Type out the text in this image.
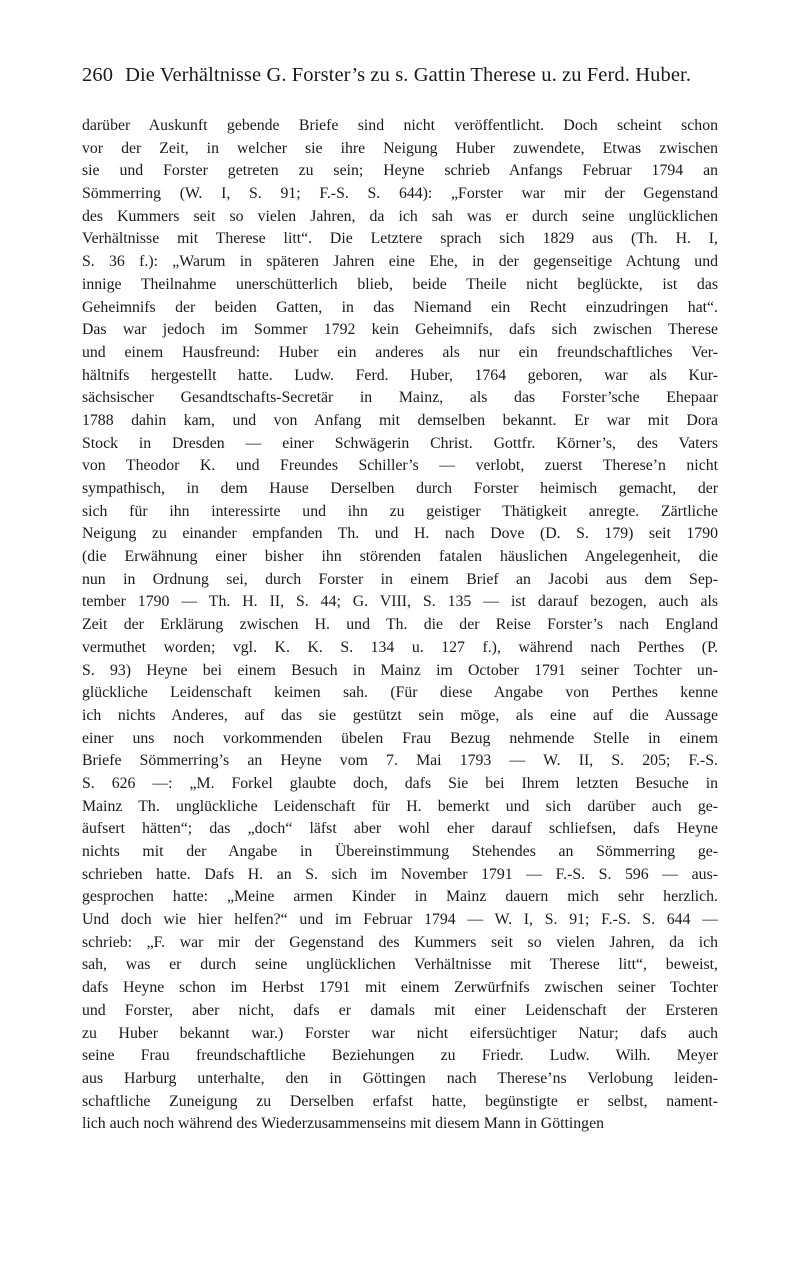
260 Die Verhältnisse G. Forster’s zu s. Gattin Therese u. zu Ferd. Huber.
darüber Auskunft gebende Briefe sind nicht veröffentlicht. Doch scheint schon
vor der Zeit, in welcher sie ihre Neigung Huber zuwendete, Etwas zwischen
sie und Forster getreten zu sein; Heyne schrieb Anfangs Februar 1794 an
Sömmerring (W. I, S. 91; F.-S. S. 644): „Forster war mir der Gegenstand
des Kummers seit so vielen Jahren, da ich sah was er durch seine unglücklichen
Verhältnisse mit Therese litt“. Die Letztere sprach sich 1829 aus (Th. H. I,
S. 36 f.): „Warum in späteren Jahren eine Ehe, in der gegenseitige Achtung und
innige Theilnahme unerschütterlich blieb, beide Theile nicht beglückte, ist das
Geheimnifs der beiden Gatten, in das Niemand ein Recht einzudringen hat“.
Das war jedoch im Sommer 1792 kein Geheimnifs, dafs sich zwischen Therese
und einem Hausfreund: Huber ein anderes als nur ein freundschaftliches Ver-
hältnifs hergestellt hatte. Ludw. Ferd. Huber, 1764 geboren, war als Kur-
sächsischer Gesandtschafts-Secretär in Mainz, als das Forster’sche Ehepaar
1788 dahin kam, und von Anfang mit demselben bekannt. Er war mit Dora
Stock in Dresden — einer Schwägerin Christ. Gottfr. Körner’s, des Vaters
von Theodor K. und Freundes Schiller’s — verlobt, zuerst Therese’n nicht
sympathisch, in dem Hause Derselben durch Forster heimisch gemacht, der
sich für ihn interessirte und ihn zu geistiger Thätigkeit anregte. Zärtliche
Neigung zu einander empfanden Th. und H. nach Dove (D. S. 179) seit 1790
(die Erwähnung einer bisher ihn störenden fatalen häuslichen Angelegenheit, die
nun in Ordnung sei, durch Forster in einem Brief an Jacobi aus dem Sep-
tember 1790 — Th. H. II, S. 44; G. VIII, S. 135 — ist darauf bezogen, auch als
Zeit der Erklärung zwischen H. und Th. die der Reise Forster’s nach England
vermuthet worden; vgl. K. K. S. 134 u. 127 f.), während nach Perthes (P.
S. 93) Heyne bei einem Besuch in Mainz im October 1791 seiner Tochter un-
glückliche Leidenschaft keimen sah. (Für diese Angabe von Perthes kenne
ich nichts Anderes, auf das sie gestützt sein möge, als eine auf die Aussage
einer uns noch vorkommenden übelen Frau Bezug nehmende Stelle in einem
Briefe Sömmerring’s an Heyne vom 7. Mai 1793 — W. II, S. 205; F.-S.
S. 626 —: „M. Forkel glaubte doch, dafs Sie bei Ihrem letzten Besuche in
Mainz Th. unglückliche Leidenschaft für H. bemerkt und sich darüber auch ge-
äufsert hätten“; das „doch“ läfst aber wohl eher darauf schliefsen, dafs Heyne
nichts mit der Angabe in Übereinstimmung Stehendes an Sömmerring ge-
schrieben hatte. Dafs H. an S. sich im November 1791 — F.-S. S. 596 — aus-
gesprochen hatte: „Meine armen Kinder in Mainz dauern mich sehr herzlich.
Und doch wie hier helfen?“ und im Februar 1794 — W. I, S. 91; F.-S. S. 644 —
schrieb: „F. war mir der Gegenstand des Kummers seit so vielen Jahren, da ich
sah, was er durch seine unglücklichen Verhältnisse mit Therese litt“, beweist,
dafs Heyne schon im Herbst 1791 mit einem Zerwürfnifs zwischen seiner Tochter
und Forster, aber nicht, dafs er damals mit einer Leidenschaft der Ersteren
zu Huber bekannt war.) Forster war nicht eifersüchtiger Natur; dafs auch
seine Frau freundschaftliche Beziehungen zu Friedr. Ludw. Wilh. Meyer
aus Harburg unterhalte, den in Göttingen nach Therese’ns Verlobung leiden-
schaftliche Zuneigung zu Derselben erfafst hatte, begünstigte er selbst, nament-
lich auch noch während des Wiederzusammenseins mit diesem Mann in Göttingen
